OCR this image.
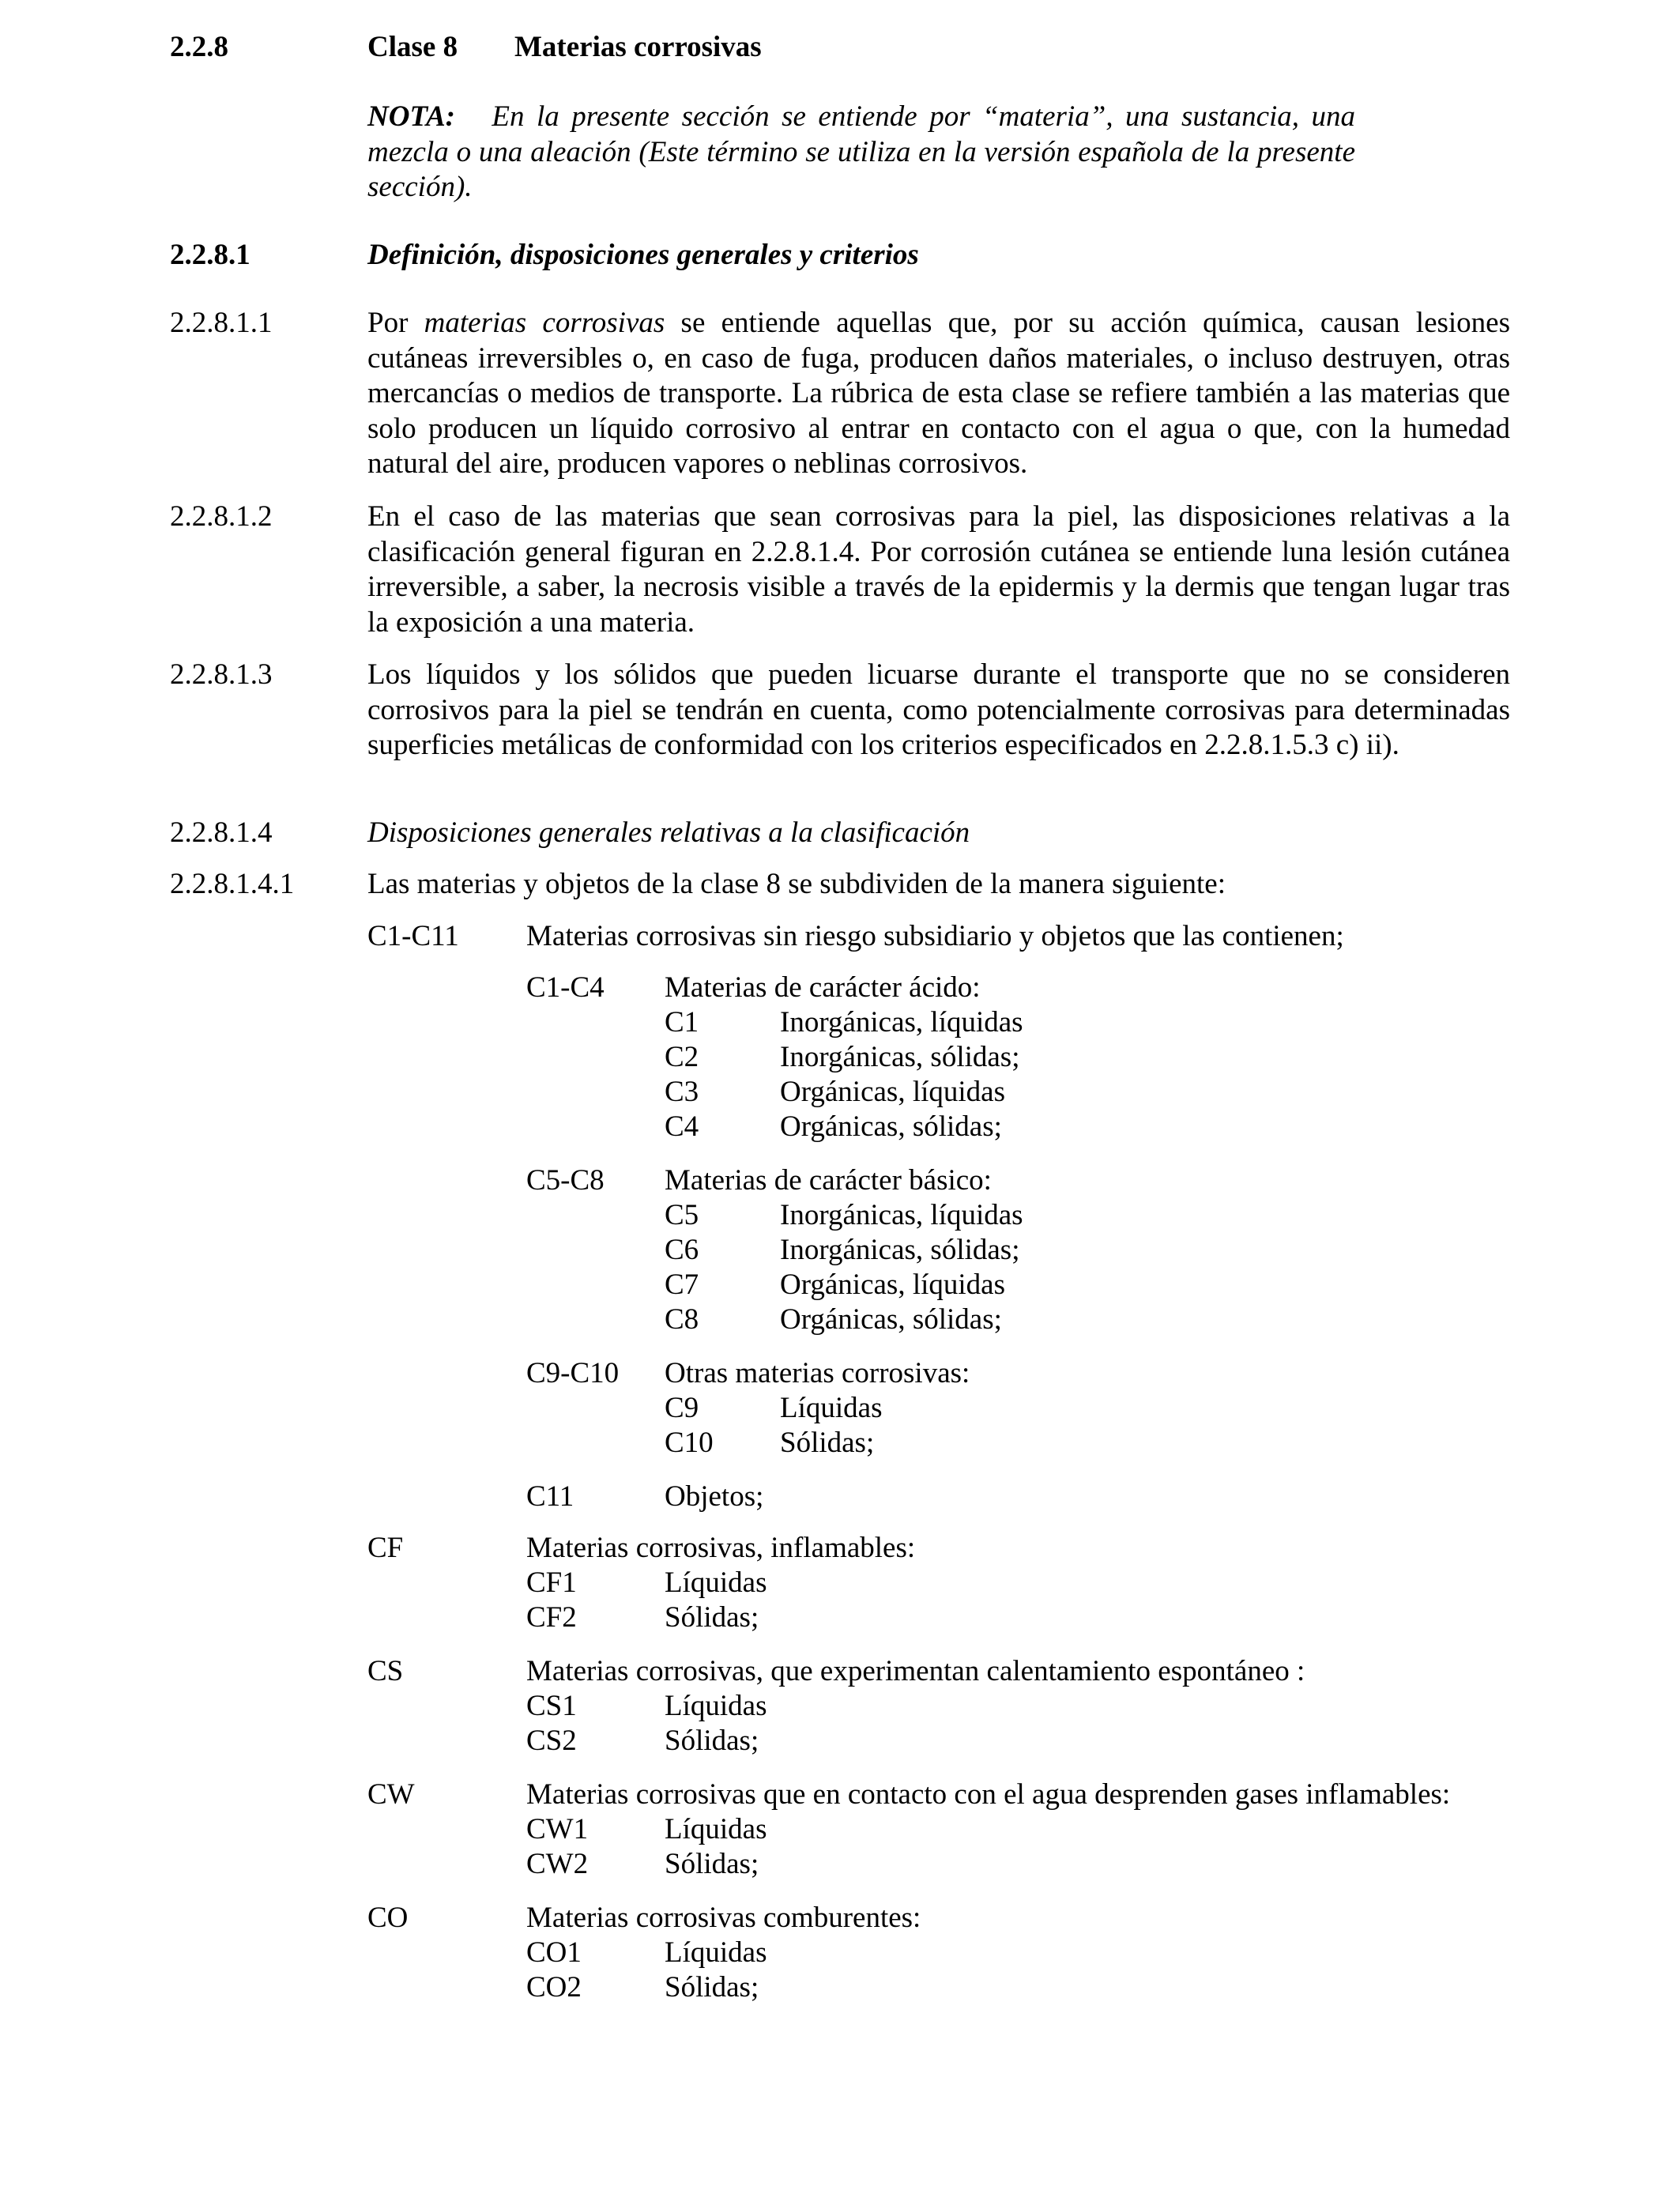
2.2.8	Clase 8 Materias corrosivas
NOTA: En la presente sección se entiende por “materia”, una sustancia, una mezcla o una aleación (Este término se utiliza en la versión española de la presente sección).
2.2.8.1	Definición, disposiciones generales y criterios
2.2.8.1.1	Por materias corrosivas se entiende aquellas que, por su acción química, causan lesiones cutáneas irreversibles o, en caso de fuga, producen daños materiales, o incluso destruyen, otras mercancías o medios de transporte. La rúbrica de esta clase se refiere también a las materias que solo producen un líquido corrosivo al entrar en contacto con el agua o que, con la humedad natural del aire, producen vapores o neblinas corrosivos.
2.2.8.1.2	En el caso de las materias que sean corrosivas para la piel, las disposiciones relativas a la clasificación general figuran en 2.2.8.1.4. Por corrosión cutánea se entiende luna lesión cutánea irreversible, a saber, la necrosis visible a través de la epidermis y la dermis que tengan lugar tras la exposición a una materia.
2.2.8.1.3	Los líquidos y los sólidos que pueden licuarse durante el transporte que no se consideren corrosivos para la piel se tendrán en cuenta, como potencialmente corrosivas para determinadas superficies metálicas de conformidad con los criterios especificados en 2.2.8.1.5.3 c) ii).
2.2.8.1.4	Disposiciones generales relativas a la clasificación
2.2.8.1.4.1	Las materias y objetos de la clase 8 se subdividen de la manera siguiente:
C1-C11 Materias corrosivas sin riesgo subsidiario y objetos que las contienen;
C1-C4 Materias de carácter ácido:
C1	Inorgánicas, líquidas
C2	Inorgánicas, sólidas;
C3	Orgánicas, líquidas
C4	Orgánicas, sólidas;
C5-C8 Materias de carácter básico:
C5	Inorgánicas, líquidas
C6	Inorgánicas, sólidas;
C7	Orgánicas, líquidas
C8	Orgánicas, sólidas;
C9-C10 Otras materias corrosivas:
C9	Líquidas
C10 Sólidas;
C11	Objetos;
CF	Materias corrosivas, inflamables:
CF1	Líquidas
CF2	Sólidas;
CS	Materias corrosivas, que experimentan calentamiento espontáneo :
CS1	Líquidas
CS2	Sólidas;
CW	Materias corrosivas que en contacto con el agua desprenden gases inflamables:
CW1	Líquidas
CW2	Sólidas;
CO	Materias corrosivas comburentes:
CO1	Líquidas
CO2	Sólidas;
